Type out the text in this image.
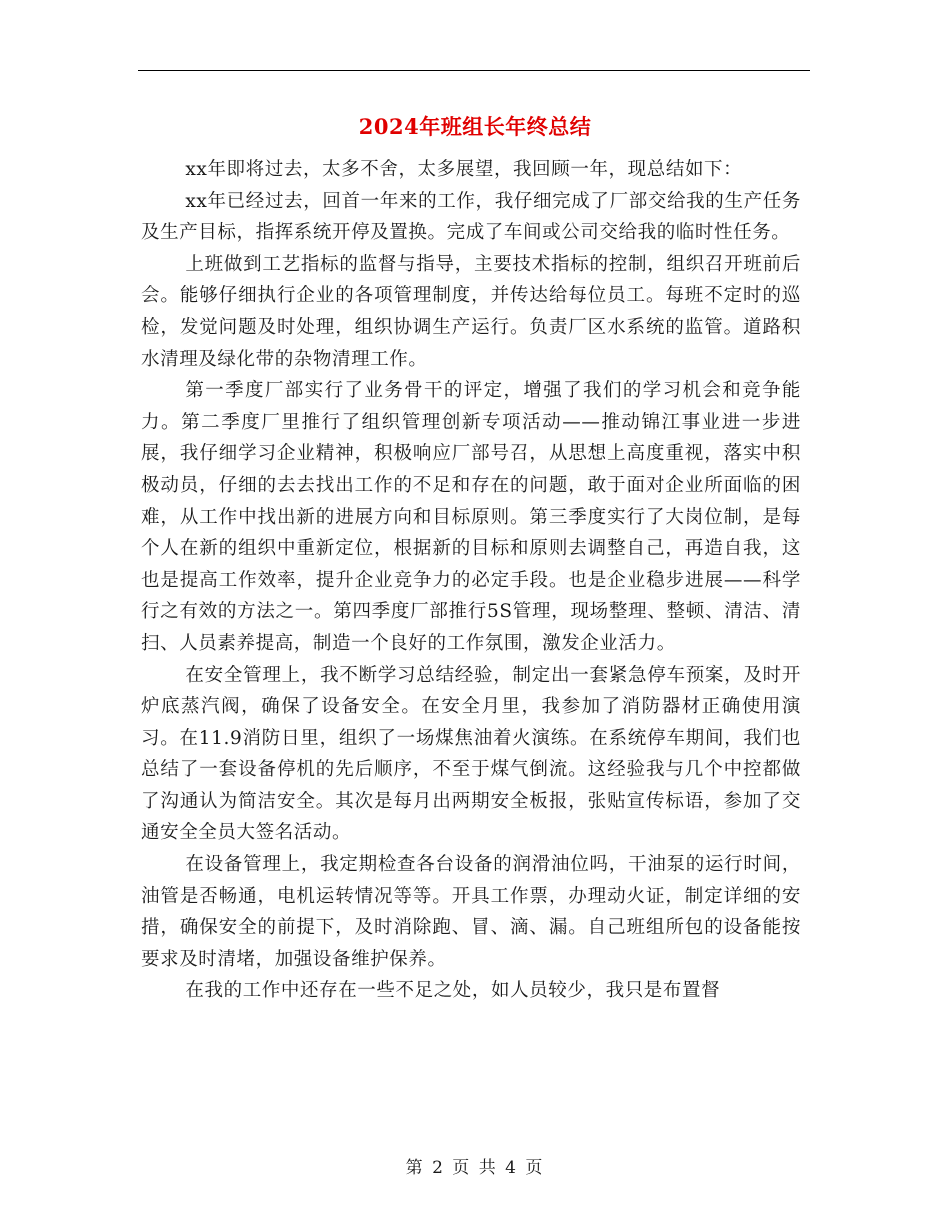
2024年班组长年终总结

xx年即将过去，太多不舍，太多展望，我回顾一年，现总结如下：

xx年已经过去，回首一年来的工作，我仔细完成了厂部交给我的生产任务及生产目标，指挥系统开停及置换。完成了车间或公司交给我的临时性任务。

上班做到工艺指标的监督与指导，主要技术指标的控制，组织召开班前后会。能够仔细执行企业的各项管理制度，并传达给每位员工。每班不定时的巡检，发觉问题及时处理，组织协调生产运行。负责厂区水系统的监管。道路积水清理及绿化带的杂物清理工作。

第一季度厂部实行了业务骨干的评定，增强了我们的学习机会和竞争能力。第二季度厂里推行了组织管理创新专项活动——推动锦江事业进一步进展，我仔细学习企业精神，积极响应厂部号召，从思想上高度重视，落实中积极动员，仔细的去去找出工作的不足和存在的问题，敢于面对企业所面临的困难，从工作中找出新的进展方向和目标原则。第三季度实行了大岗位制，是每个人在新的组织中重新定位，根据新的目标和原则去调整自己，再造自我，这也是提高工作效率，提升企业竞争力的必定手段。也是企业稳步进展——科学行之有效的方法之一。第四季度厂部推行5S管理，现场整理、整顿、清洁、清扫、人员素养提高，制造一个良好的工作氛围，激发企业活力。

在安全管理上，我不断学习总结经验，制定出一套紧急停车预案，及时开炉底蒸汽阀，确保了设备安全。在安全月里，我参加了消防器材正确使用演习。在11.9消防日里，组织了一场煤焦油着火演练。在系统停车期间，我们也总结了一套设备停机的先后顺序，不至于煤气倒流。这经验我与几个中控都做了沟通认为简洁安全。其次是每月出两期安全板报，张贴宣传标语，参加了交通安全全员大签名活动。

在设备管理上，我定期检查各台设备的润滑油位吗，干油泵的运行时间，油管是否畅通，电机运转情况等等。开具工作票，办理动火证，制定详细的安措，确保安全的前提下，及时消除跑、冒、滴、漏。自己班组所包的设备能按要求及时清堵，加强设备维护保养。

在我的工作中还存在一些不足之处，如人员较少，我只是布置督

第 2 页 共 4 页
